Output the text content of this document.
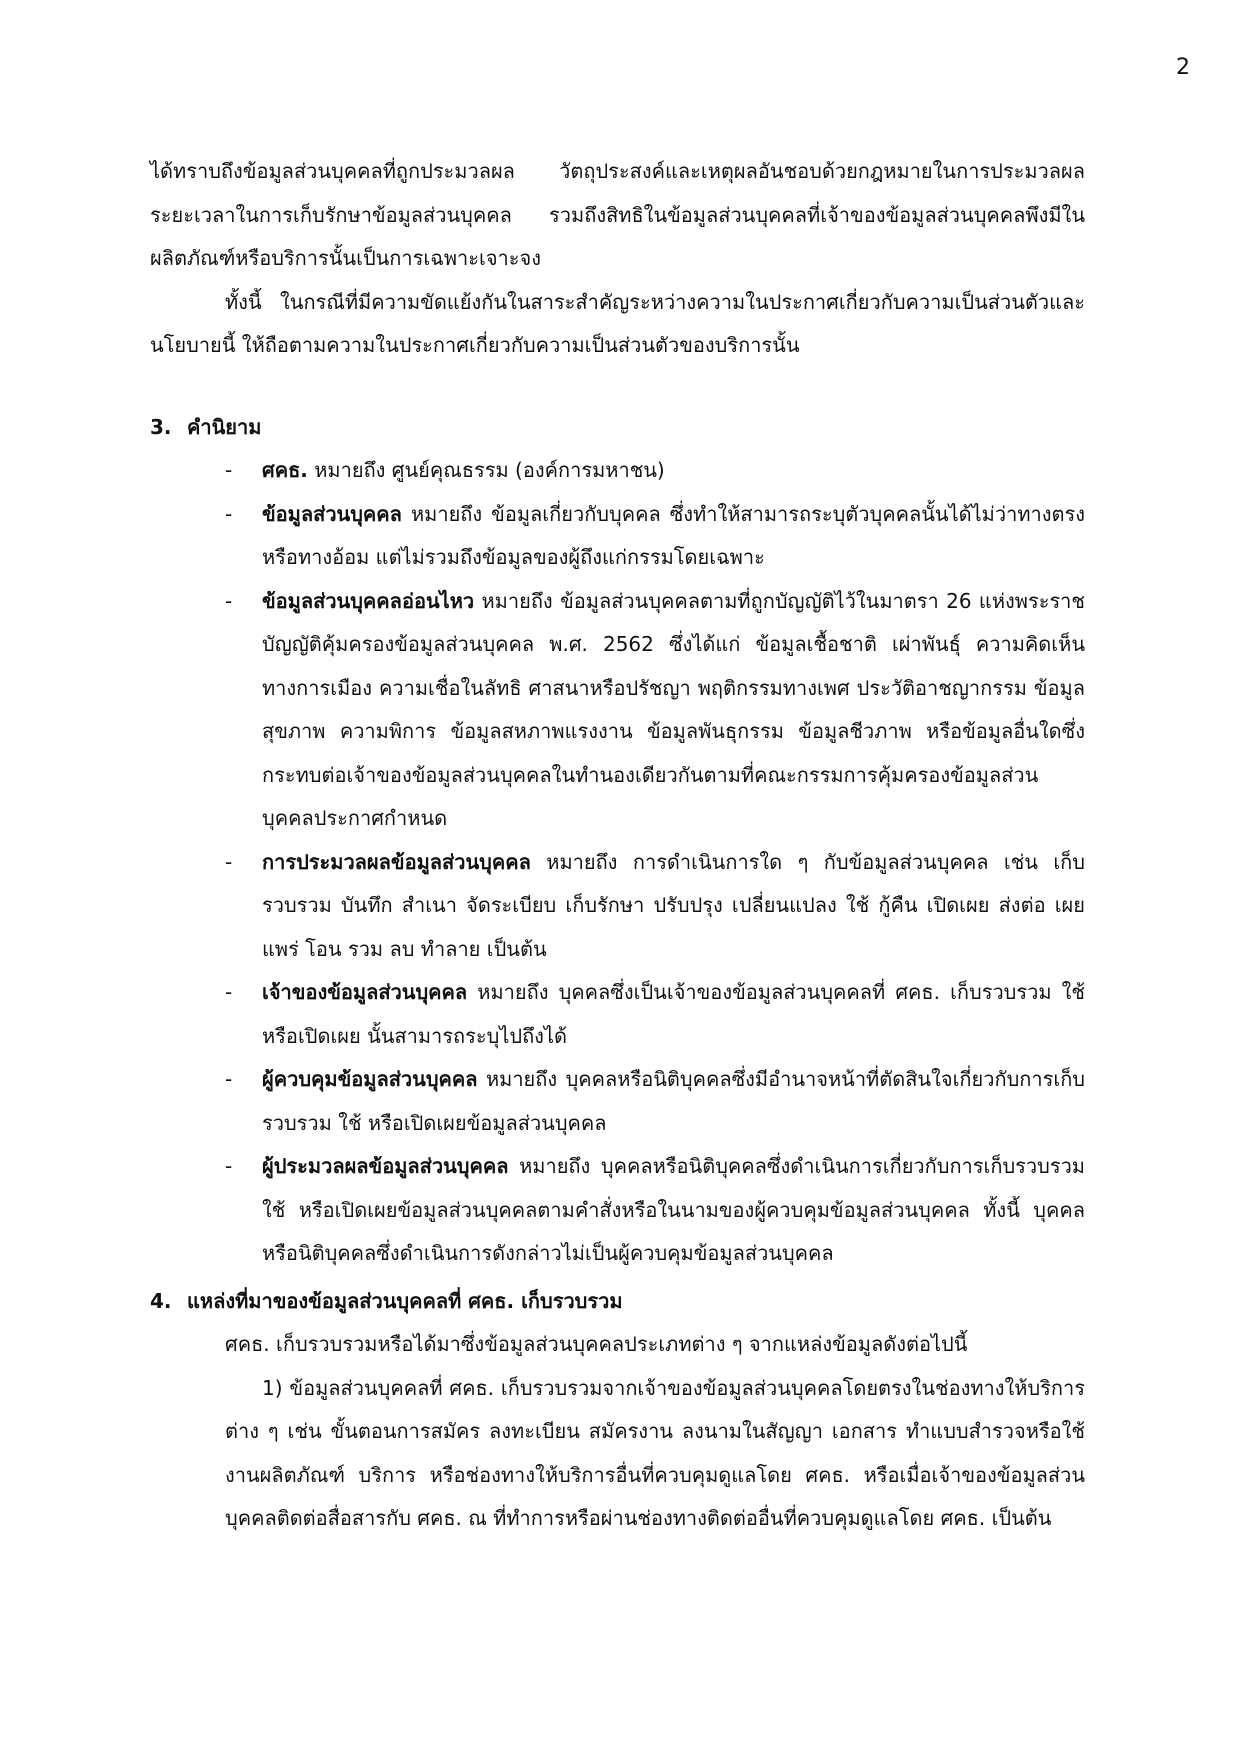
2

ได้ทราบถึงข้อมูลส่วนบุคคลที่ถูกประมวลผล วัตถุประสงค์และเหตุผลอันชอบด้วยกฎหมายในการประมวลผล ระยะเวลาในการเก็บรักษาข้อมูลส่วนบุคคล รวมถึงสิทธิในข้อมูลส่วนบุคคลที่เจ้าของข้อมูลส่วนบุคคลพึงมีในผลิตภัณฑ์หรือบริการนั้นเป็นการเฉพาะเจาะจง

ทั้งนี้ ในกรณีที่มีความขัดแย้งกันในสาระสำคัญระหว่างความในประกาศเกี่ยวกับความเป็นส่วนตัวและนโยบายนี้ ให้ถือตามความในประกาศเกี่ยวกับความเป็นส่วนตัวของบริการนั้น

3. คำนิยาม
-	ศคธ. หมายถึง ศูนย์คุณธรรม (องค์การมหาชน)
-	ข้อมูลส่วนบุคคล หมายถึง ข้อมูลเกี่ยวกับบุคคล ซึ่งทำให้สามารถระบุตัวบุคคลนั้นได้ไม่ว่าทางตรงหรือทางอ้อม แต่ไม่รวมถึงข้อมูลของผู้ถึงแก่กรรมโดยเฉพาะ
-	ข้อมูลส่วนบุคคลอ่อนไหว หมายถึง ข้อมูลส่วนบุคคลตามที่ถูกบัญญัติไว้ในมาตรา 26 แห่งพระราชบัญญัติคุ้มครองข้อมูลส่วนบุคคล พ.ศ. 2562 ซึ่งได้แก่ ข้อมูลเชื้อชาติ เผ่าพันธุ์ ความคิดเห็นทางการเมือง ความเชื่อในลัทธิ ศาสนาหรือปรัชญา พฤติกรรมทางเพศ ประวัติอาชญากรรม ข้อมูลสุขภาพ ความพิการ ข้อมูลสหภาพแรงงาน ข้อมูลพันธุกรรม ข้อมูลชีวภาพ หรือข้อมูลอื่นใดซึ่งกระทบต่อเจ้าของข้อมูลส่วนบุคคลในทำนองเดียวกันตามที่คณะกรรมการคุ้มครองข้อมูลส่วนบุคคลประกาศกำหนด
-	การประมวลผลข้อมูลส่วนบุคคล หมายถึง การดำเนินการใด ๆ กับข้อมูลส่วนบุคคล เช่น เก็บรวบรวม บันทึก สำเนา จัดระเบียบ เก็บรักษา ปรับปรุง เปลี่ยนแปลง ใช้ กู้คืน เปิดเผย ส่งต่อ เผยแพร่ โอน รวม ลบ ทำลาย เป็นต้น
-	เจ้าของข้อมูลส่วนบุคคล หมายถึง บุคคลซึ่งเป็นเจ้าของข้อมูลส่วนบุคคลที่ ศคธ. เก็บรวบรวม ใช้ หรือเปิดเผย นั้นสามารถระบุไปถึงได้
-	ผู้ควบคุมข้อมูลส่วนบุคคล หมายถึง บุคคลหรือนิติบุคคลซึ่งมีอำนาจหน้าที่ตัดสินใจเกี่ยวกับการเก็บรวบรวม ใช้ หรือเปิดเผยข้อมูลส่วนบุคคล
-	ผู้ประมวลผลข้อมูลส่วนบุคคล หมายถึง บุคคลหรือนิติบุคคลซึ่งดำเนินการเกี่ยวกับการเก็บรวบรวม ใช้ หรือเปิดเผยข้อมูลส่วนบุคคลตามคำสั่งหรือในนามของผู้ควบคุมข้อมูลส่วนบุคคล ทั้งนี้ บุคคลหรือนิติบุคคลซึ่งดำเนินการดังกล่าวไม่เป็นผู้ควบคุมข้อมูลส่วนบุคคล
4. แหล่งที่มาของข้อมูลส่วนบุคคลที่ ศคธ. เก็บรวบรวม

ศคธ. เก็บรวบรวมหรือได้มาซึ่งข้อมูลส่วนบุคคลประเภทต่าง ๆ จากแหล่งข้อมูลดังต่อไปนี้

1) ข้อมูลส่วนบุคคลที่ ศคธ. เก็บรวบรวมจากเจ้าของข้อมูลส่วนบุคคลโดยตรงในช่องทางให้บริการต่าง ๆ เช่น ขั้นตอนการสมัคร ลงทะเบียน สมัครงาน ลงนามในสัญญา เอกสาร ทำแบบสำรวจหรือใช้งานผลิตภัณฑ์ บริการ หรือช่องทางให้บริการอื่นที่ควบคุมดูแลโดย ศคธ. หรือเมื่อเจ้าของข้อมูลส่วนบุคคลติดต่อสื่อสารกับ ศคธ. ณ ที่ทำการหรือผ่านช่องทางติดต่ออื่นที่ควบคุมดูแลโดย ศคธ. เป็นต้น
